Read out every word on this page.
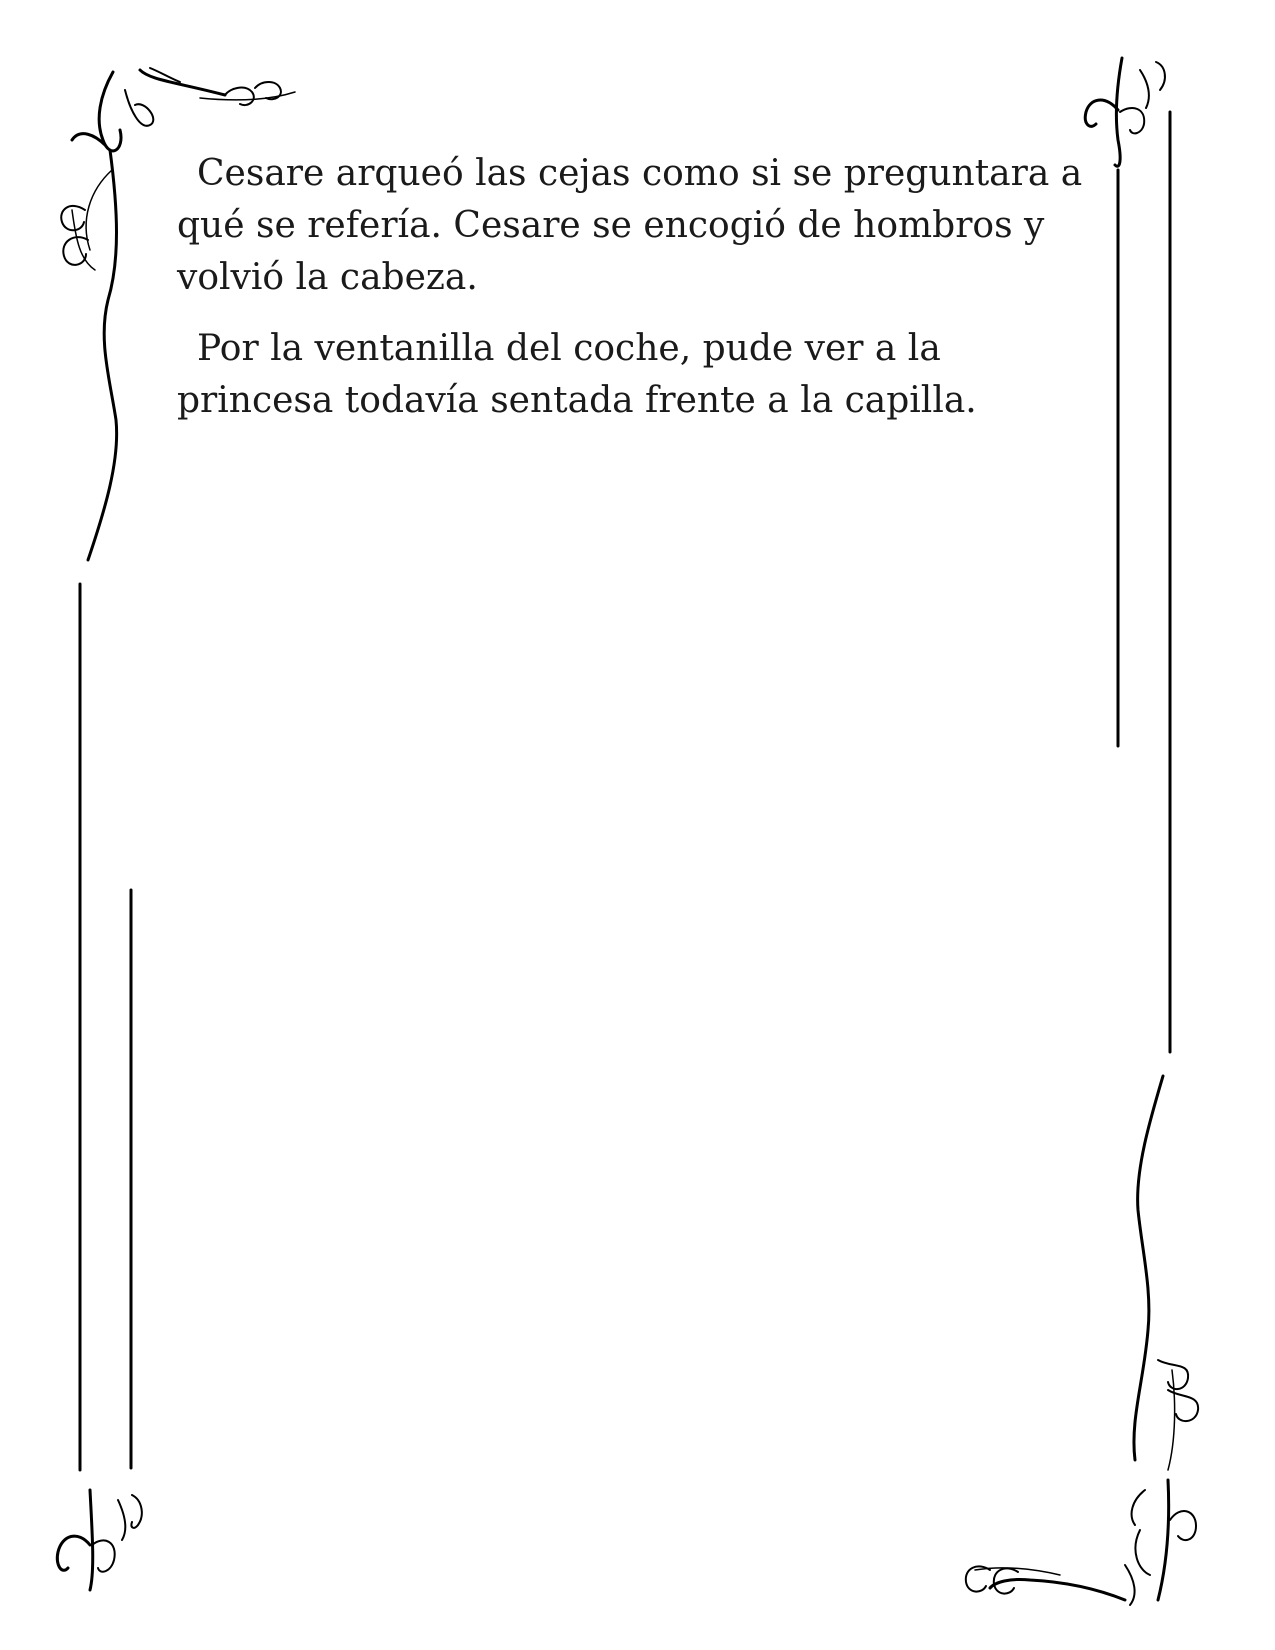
Cesare arqueó las cejas como si se preguntara a qué se refería. Cesare se encogió de hombros y volvió la cabeza.

Por la ventanilla del coche, pude ver a la princesa todavía sentada frente a la capilla.
